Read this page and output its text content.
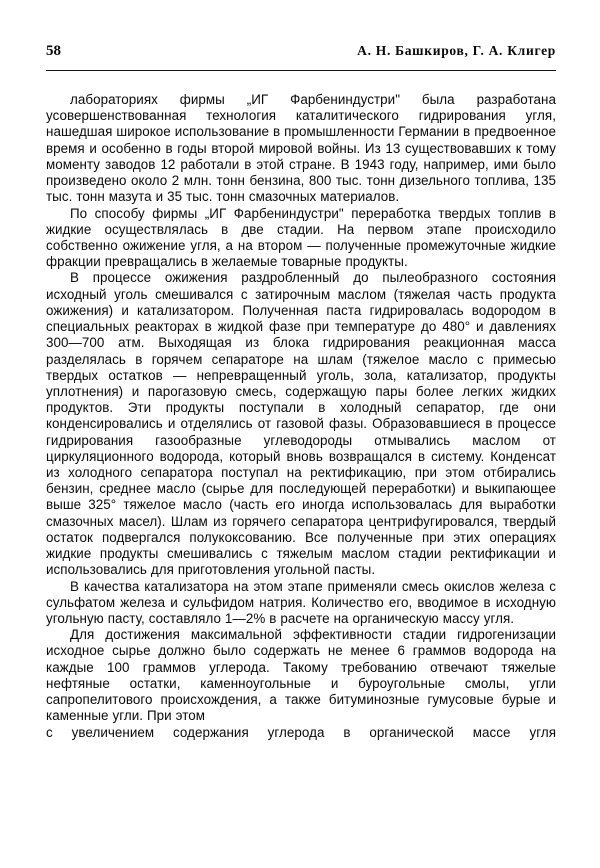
58	А. Н. Башкиров, Г. А. Клигер

лабораториях фирмы „ИГ Фарбениндустри" была разработана усовершенствованная технология каталитического гидрирования угля, нашедшая широкое использование в промышленности Германии в предвоенное время и особенно в годы второй мировой войны. Из 13 существовавших к тому моменту заводов 12 работали в этой стране. В 1943 году, например, ими было произведено около 2 млн. тонн бензина, 800 тыс. тонн дизельного топлива, 135 тыс. тонн мазута и 35 тыс. тонн смазочных материалов.

По способу фирмы „ИГ Фарбениндустри" переработка твердых топлив в жидкие осуществлялась в две стадии. На первом этапе происходило собственно ожижение угля, а на втором — полученные промежуточные жидкие фракции превращались в желаемые товарные продукты.

В процессе ожижения раздробленный до пылеобразного состояния исходный уголь смешивался с затирочным маслом (тяжелая часть продукта ожижения) и катализатором. Полученная паста гидрировалась водородом в специальных реакторах в жидкой фазе при температуре до 480° и давлениях 300—700 атм. Выходящая из блока гидрирования реакционная масса разделялась в горячем сепараторе на шлам (тяжелое масло с примесью твердых остатков — непревращенный уголь, зола, катализатор, продукты уплотнения) и парогазовую смесь, содержащую пары более легких жидких продуктов. Эти продукты поступали в холодный сепаратор, где они конденсировались и отделялись от газовой фазы. Образовавшиеся в процессе гидрирования газообразные углеводороды отмывались маслом от циркуляционного водорода, который вновь возвращался в систему. Конденсат из холодного сепаратора поступал на ректификацию, при этом отбирались бензин, среднее масло (сырье для последующей переработки) и выкипающее выше 325° тяжелое масло (часть его иногда использовалась для выработки смазочных масел). Шлам из горячего сепаратора центрифугировался, твердый остаток подвергался полукоксованию. Все полученные при этих операциях жидкие продукты смешивались с тяжелым маслом стадии ректификации и использовались для приготовления угольной пасты.

В качества катализатора на этом этапе применяли смесь окислов железа с сульфатом железа и сульфидом натрия. Количество его, вводимое в исходную угольную пасту, составляло 1—2% в расчете на органическую массу угля.

Для достижения максимальной эффективности стадии гидрогенизации исходное сырье должно было содержать не менее 6 граммов водорода на каждые 100 граммов углерода. Такому требованию отвечают тяжелые нефтяные остатки, каменноугольные и буроугольные смолы, угли сапропелитового происхождения, а также битуминозные гумусовые бурые и каменные угли. При этом
с увеличением содержания углерода в органической массе угля
